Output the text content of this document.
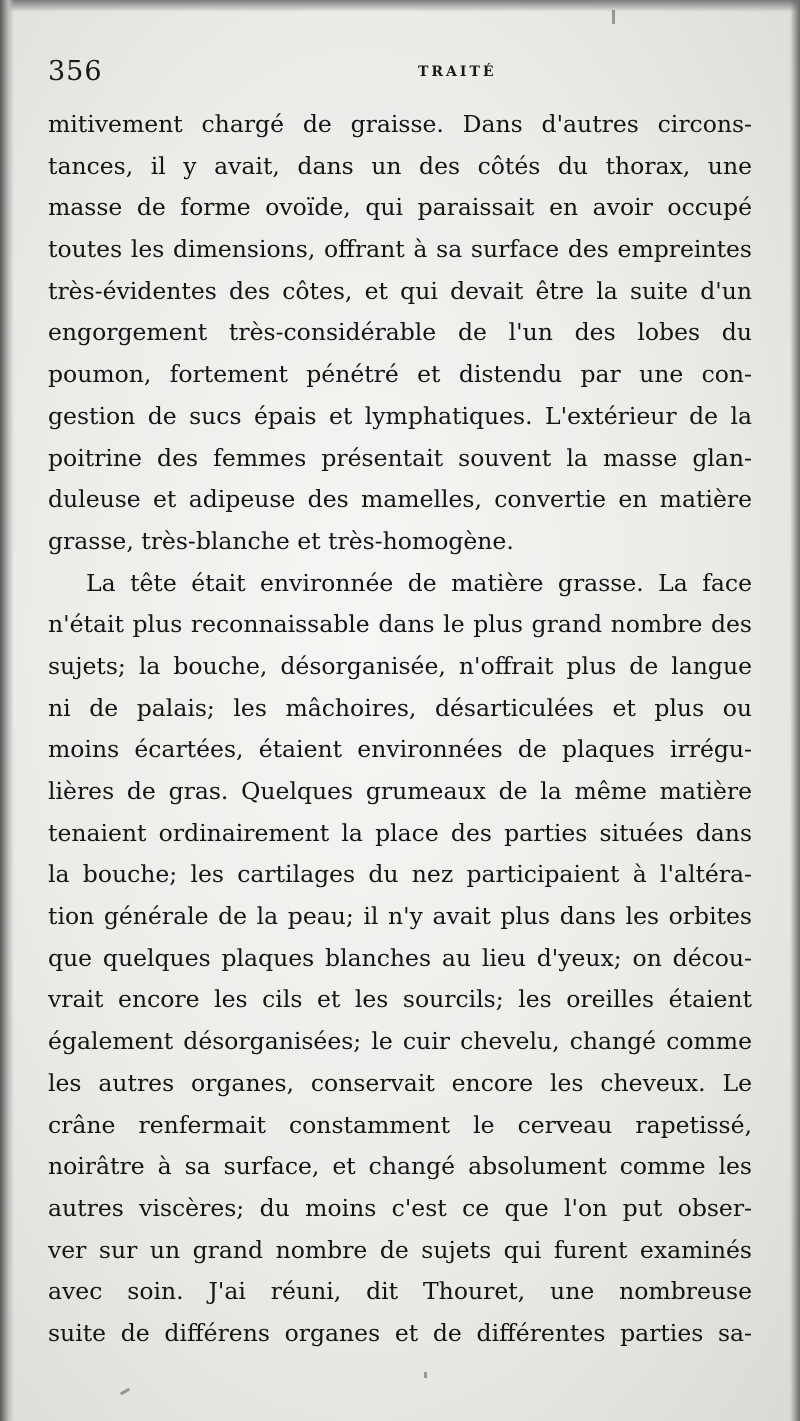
356	TRAITÉ
mitivement chargé de graisse. Dans d'autres circons-
tances, il y avait, dans un des côtés du thorax, une
masse de forme ovoïde, qui paraissait en avoir occupé
toutes les dimensions, offrant à sa surface des empreintes
très-évidentes des côtes, et qui devait être la suite d'un
engorgement très-considérable de l'un des lobes du
poumon, fortement pénétré et distendu par une con-
gestion de sucs épais et lymphatiques. L'extérieur de la
poitrine des femmes présentait souvent la masse glan-
duleuse et adipeuse des mamelles, convertie en matière
grasse, très-blanche et très-homogène.
La tête était environnée de matière grasse. La face
n'était plus reconnaissable dans le plus grand nombre des
sujets; la bouche, désorganisée, n'offrait plus de langue
ni de palais; les mâchoires, désarticulées et plus ou
moins écartées, étaient environnées de plaques irrégu-
lières de gras. Quelques grumeaux de la même matière
tenaient ordinairement la place des parties situées dans
la bouche; les cartilages du nez participaient à l'altéra-
tion générale de la peau; il n'y avait plus dans les orbites
que quelques plaques blanches au lieu d'yeux; on décou-
vrait encore les cils et les sourcils; les oreilles étaient
également désorganisées; le cuir chevelu, changé comme
les autres organes, conservait encore les cheveux. Le
crâne renfermait constamment le cerveau rapetissé,
noirâtre à sa surface, et changé absolument comme les
autres viscères; du moins c'est ce que l'on put obser-
ver sur un grand nombre de sujets qui furent examinés
avec soin. J'ai réuni, dit Thouret, une nombreuse
suite de différens organes et de différentes parties sa-
